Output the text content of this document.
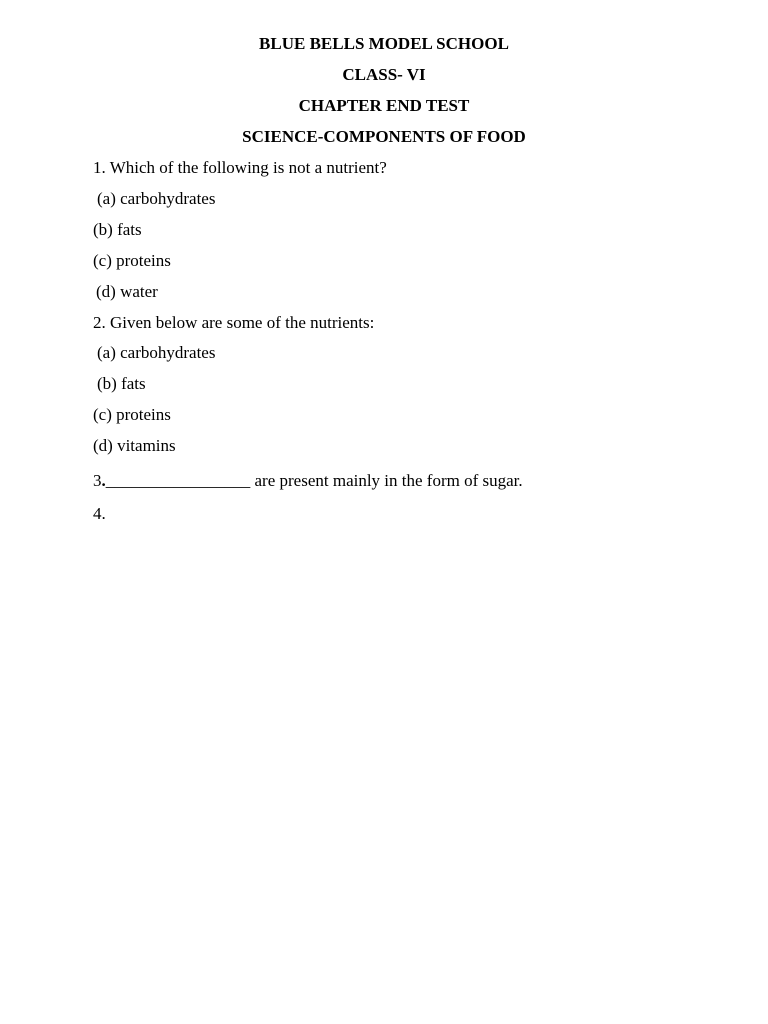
BLUE BELLS MODEL SCHOOL
CLASS- VI
CHAPTER END TEST
SCIENCE-COMPONENTS OF FOOD
1. Which of the following is not a nutrient?
(a) carbohydrates
(b) fats
(c) proteins
(d) water
2. Given below are some of the nutrients:
(a) carbohydrates
(b) fats
(c) proteins
(d) vitamins
3._________________ are present mainly in the form of sugar.
4.
